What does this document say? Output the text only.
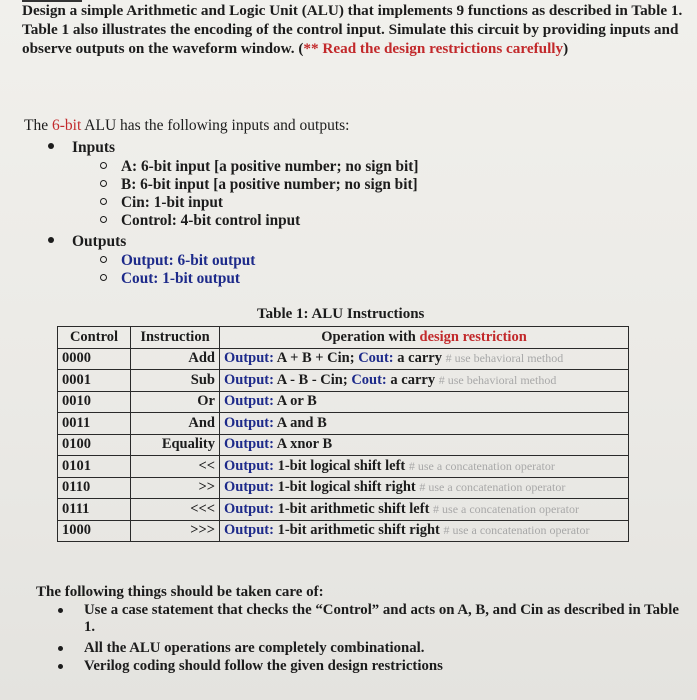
Design a simple Arithmetic and Logic Unit (ALU) that implements 9 functions as described in Table 1. Table 1 also illustrates the encoding of the control input. Simulate this circuit by providing inputs and observe outputs on the waveform window. (** Read the design restrictions carefully)
The 6-bit ALU has the following inputs and outputs:
Inputs
A: 6-bit input [a positive number; no sign bit]
B: 6-bit input [a positive number; no sign bit]
Cin: 1-bit input
Control: 4-bit control input
Outputs
Output: 6-bit output
Cout: 1-bit output
Table 1: ALU Instructions
Control	Instruction	Operation with design restriction
0000	Add	Output: A + B + Cin; Cout: a carry # use behavioral method
0001	Sub	Output: A - B - Cin; Cout: a carry # use behavioral method
0010	Or	Output: A or B
0011	And	Output: A and B
0100	Equality	Output: A xnor B
0101	<<	Output: 1-bit logical shift left # use a concatenation operator
0110	>>	Output: 1-bit logical shift right # use a concatenation operator
0111	<<<	Output: 1-bit arithmetic shift left # use a concatenation operator
1000	>>>	Output: 1-bit arithmetic shift right # use a concatenation operator
The following things should be taken care of:
Use a case statement that checks the “Control” and acts on A, B, and Cin as described in Table 1.
All the ALU operations are completely combinational.
Verilog coding should follow the given design restrictions
